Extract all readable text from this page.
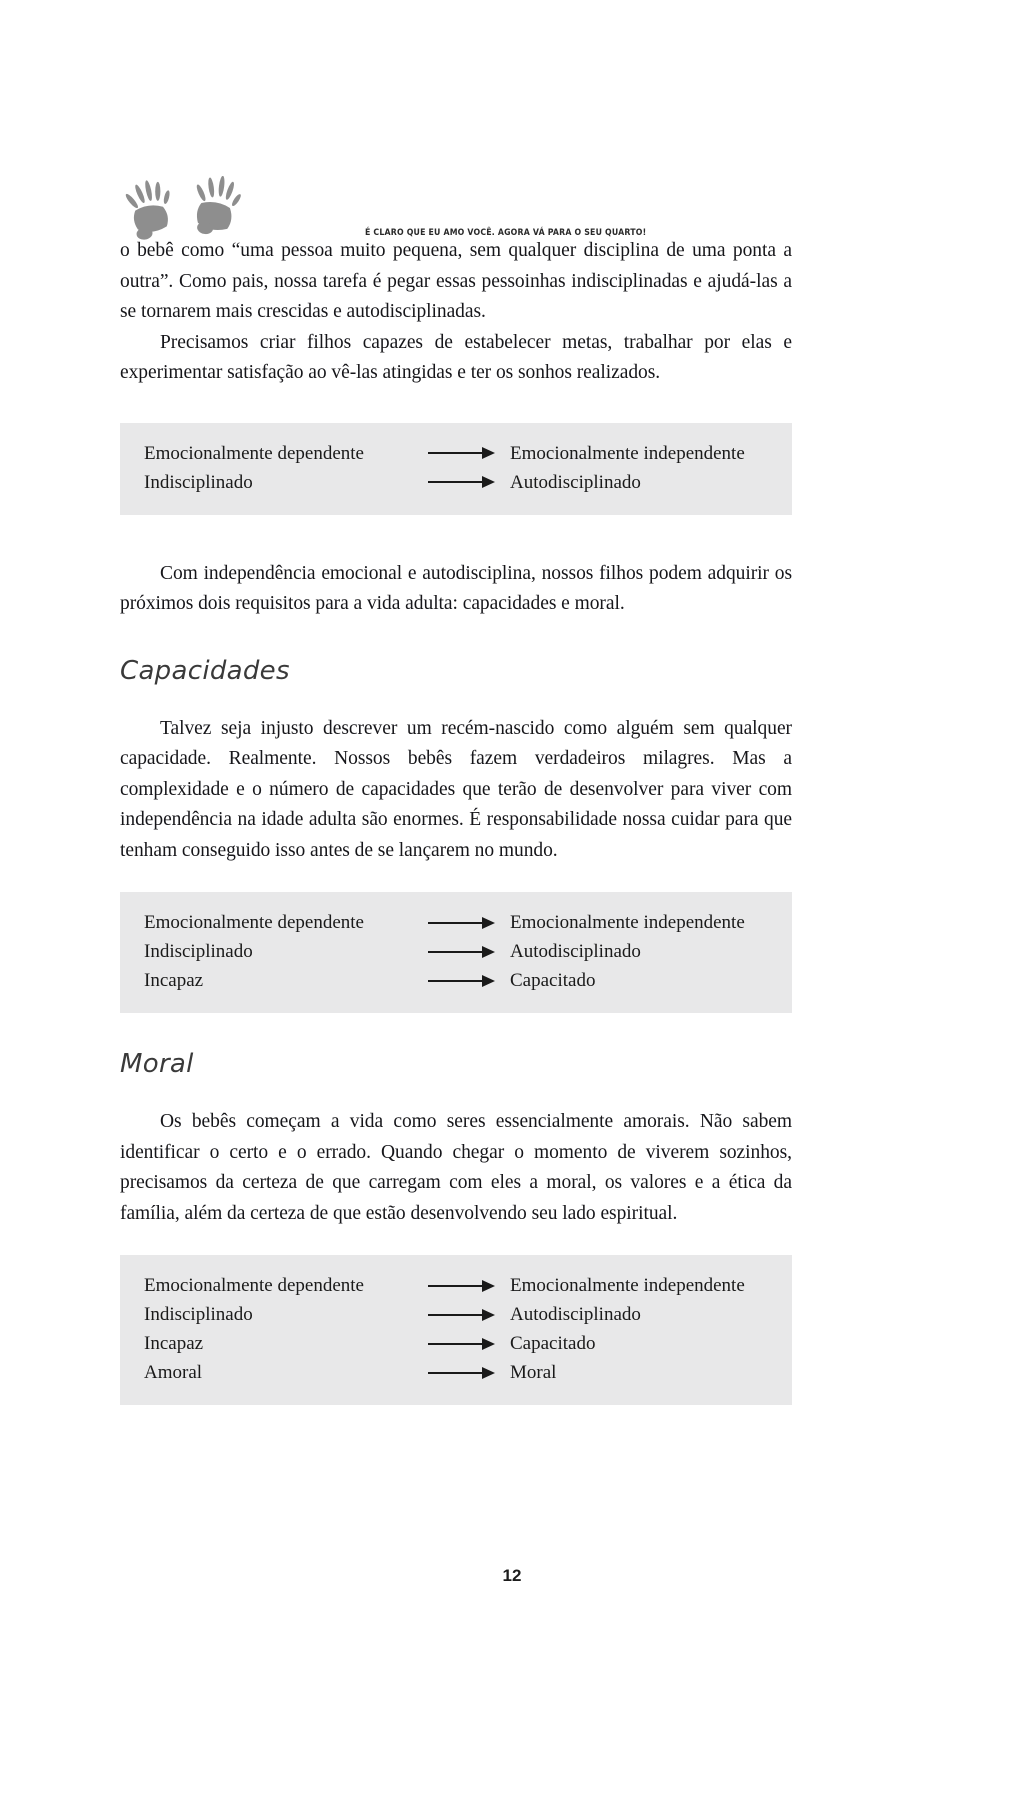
É CLARO QUE EU AMO VOCÊ. AGORA VÁ PARA O SEU QUARTO!

o bebê como “uma pessoa muito pequena, sem qualquer disciplina de uma ponta a outra”. Como pais, nossa tarefa é pegar essas pessoinhas indisciplinadas e ajudá-las a se tornarem mais crescidas e autodisciplinadas.

Precisamos criar filhos capazes de estabelecer metas, trabalhar por elas e experimentar satisfação ao vê-las atingidas e ter os sonhos realizados.

Emocionalmente dependente	Emocionalmente independente
Indisciplinado	Autodisciplinado

Com independência emocional e autodisciplina, nossos filhos podem adquirir os próximos dois requisitos para a vida adulta: capacidades e moral.

Capacidades

Talvez seja injusto descrever um recém-nascido como alguém sem qualquer capacidade. Realmente. Nossos bebês fazem verdadeiros milagres. Mas a complexidade e o número de capacidades que terão de desenvolver para viver com independência na idade adulta são enormes. É responsabilidade nossa cuidar para que tenham conseguido isso antes de se lançarem no mundo.

Emocionalmente dependente	Emocionalmente independente
Indisciplinado	Autodisciplinado
Incapaz	Capacitado
Moral

Os bebês começam a vida como seres essencialmente amorais. Não sabem identificar o certo e o errado. Quando chegar o momento de viverem sozinhos, precisamos da certeza de que carregam com eles a moral, os valores e a ética da família, além da certeza de que estão desenvolvendo seu lado espiritual.

Emocionalmente dependente	Emocionalmente independente
Indisciplinado	Autodisciplinado
Incapaz	Capacitado
Amoral	Moral
12
